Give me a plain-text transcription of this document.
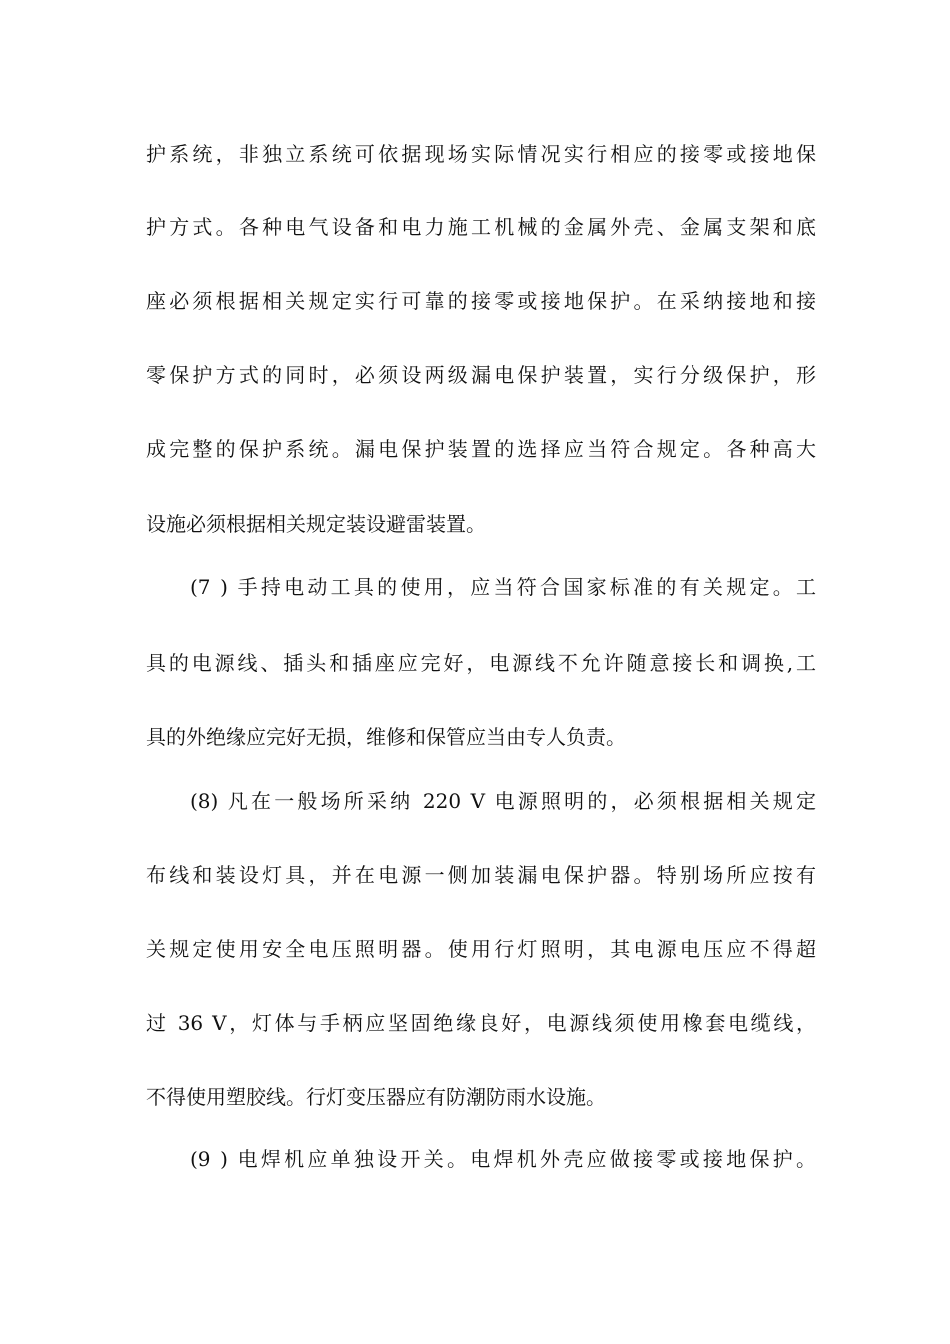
护系统，非独立系统可依据现场实际情况实行相应的接零或接地保
护方式。各种电气设备和电力施工机械的金属外壳、金属支架和底
座必须根据相关规定实行可靠的接零或接地保护。在采纳接地和接
零保护方式的同时，必须设两级漏电保护装置，实行分级保护，形
成完整的保护系统。漏电保护装置的选择应当符合规定。各种高大
设施必须根据相关规定装设避雷装置。
(7 ) 手持电动工具的使用，应当符合国家标准的有关规定。工
具的电源线、插头和插座应完好，电源线不允许随意接长和调换,工
具的外绝缘应完好无损，维修和保管应当由专人负责。
(8) 凡在一般场所采纳 220 V 电源照明的，必须根据相关规定
布线和装设灯具，并在电源一侧加装漏电保护器。特别场所应按有
关规定使用安全电压照明器。使用行灯照明，其电源电压应不得超
过 36 V，灯体与手柄应坚固绝缘良好，电源线须使用橡套电缆线，
不得使用塑胶线。行灯变压器应有防潮防雨水设施。
(9 ) 电焊机应单独设开关。电焊机外壳应做接零或接地保护。
